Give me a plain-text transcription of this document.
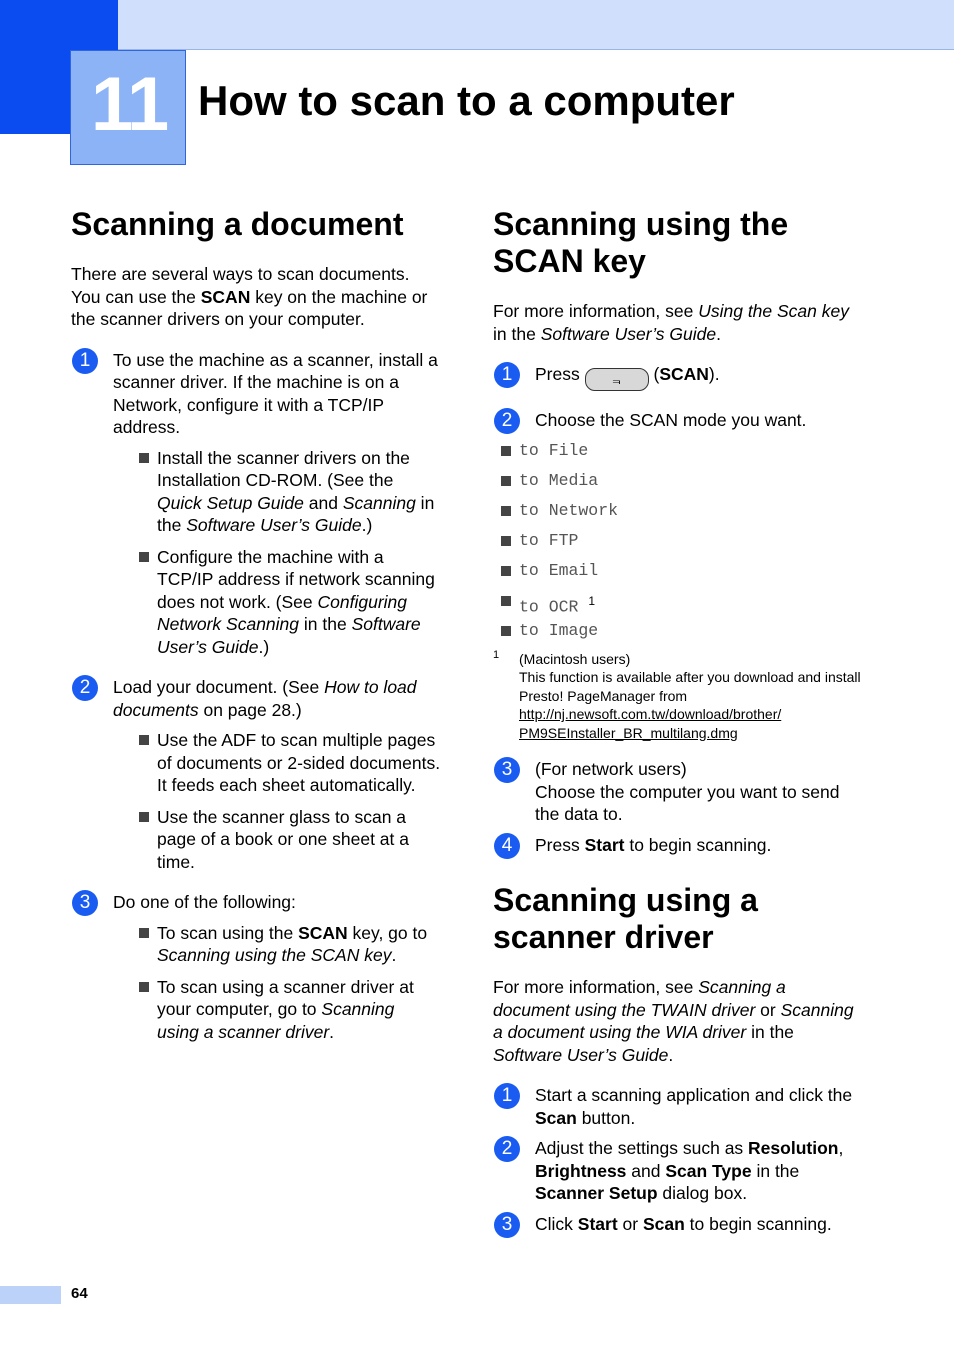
11 How to scan to a computer
Scanning a document

There are several ways to scan documents. You can use the SCAN key on the machine or the scanner drivers on your computer.

1	To use the machine as a scanner, install a scanner driver. If the machine is on a Network, configure it with a TCP/IP address.

Install the scanner drivers on the Installation CD-ROM. (See the Quick Setup Guide and Scanning in the Software User’s Guide.)
Configure the machine with a TCP/IP address if network scanning does not work. (See Configuring Network Scanning in the Software User’s Guide.)
2	Load your document. (See How to load documents on page 28.)

Use the ADF to scan multiple pages of documents or 2-sided documents. It feeds each sheet automatically.
Use the scanner glass to scan a page of a book or one sheet at a time.
3	Do one of the following:

To scan using the SCAN key, go to Scanning using the SCAN key.
To scan using a scanner driver at your computer, go to Scanning using a scanner driver.
Scanning using the SCAN key

For more information, see Using the Scan key in the Software User’s Guide.

1	Press ⫬ (SCAN).

2	Choose the SCAN mode you want.

to File
to Media
to Network
to FTP
to Email
to OCR $^1$
to Image
1 (Macintosh users)
This function is available after you download and install Presto! PageManager from
http://nj.newsoft.com.tw/download/brother/
PM9SEInstaller_BR_multilang.dmg
3	(For network users)
Choose the computer you want to send the data to.

4	Press Start to begin scanning.

Scanning using a scanner driver

For more information, see Scanning a document using the TWAIN driver or Scanning a document using the WIA driver in the Software User’s Guide.

1	Start a scanning application and click the Scan button.

2	Adjust the settings such as Resolution, Brightness and Scan Type in the Scanner Setup dialog box.

3	Click Start or Scan to begin scanning.

64
